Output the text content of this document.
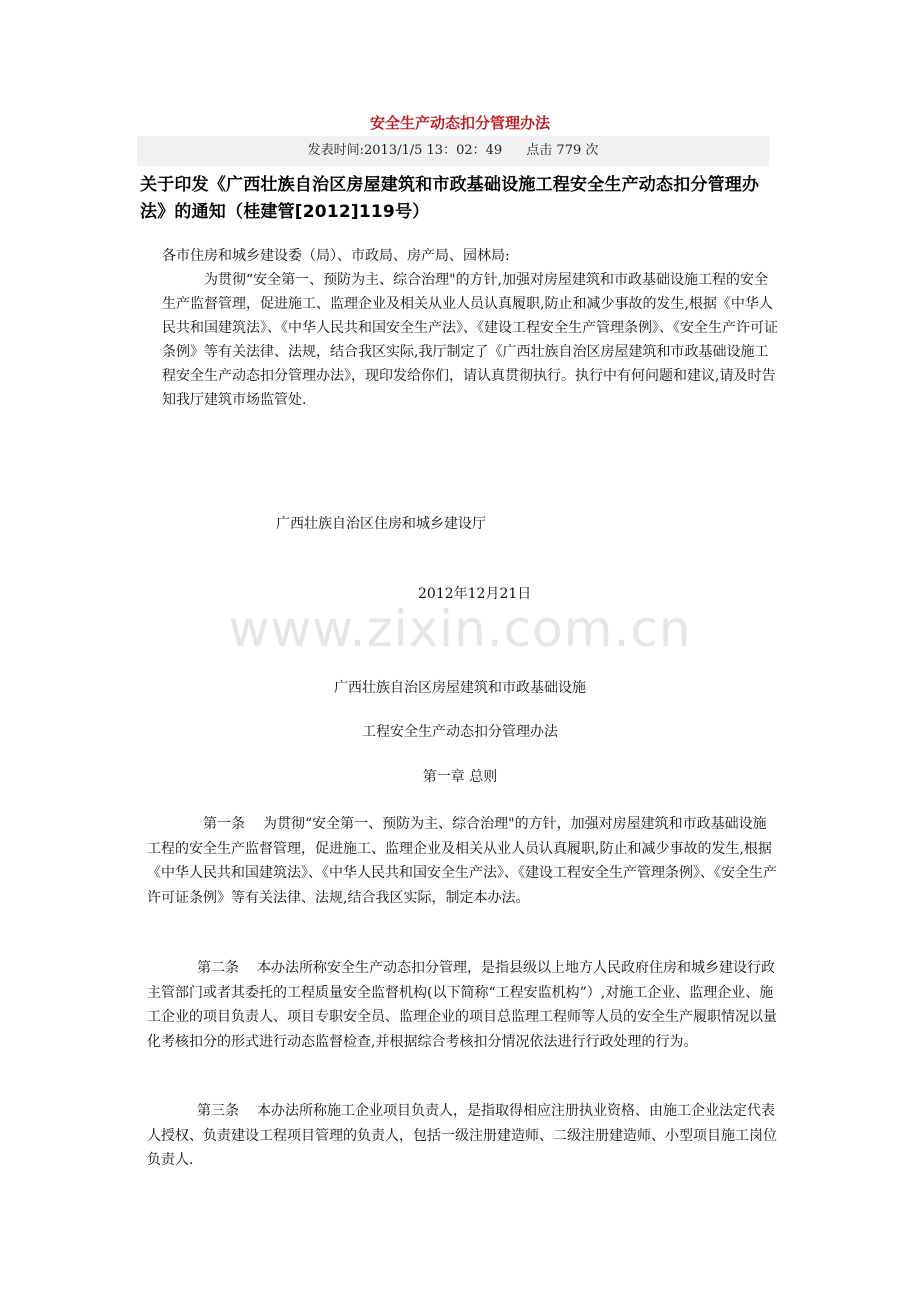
安全生产动态扣分管理办法
发表时间:2013/1/5 13：02：49 点击 779 次
关于印发《广西壮族自治区房屋建筑和市政基础设施工程安全生产动态扣分管理办法》的通知（桂建管[2012]119号）

各市住房和城乡建设委（局）、市政局、房产局、园林局:

为贯彻“安全第一、预防为主、综合治理"的方针,加强对房屋建筑和市政基础设施工程的安全生产监督管理，促进施工、监理企业及相关从业人员认真履职,防止和减少事故的发生,根据《中华人民共和国建筑法》、《中华人民共和国安全生产法》、《建设工程安全生产管理条例》、《安全生产许可证条例》等有关法律、法规，结合我区实际,我厅制定了《广西壮族自治区房屋建筑和市政基础设施工程安全生产动态扣分管理办法》，现印发给你们，请认真贯彻执行。执行中有何问题和建议,请及时告知我厅建筑市场监管处.

广西壮族自治区住房和城乡建设厅

2012年12月21日

www.zixin.com.cn

广西壮族自治区房屋建筑和市政基础设施

工程安全生产动态扣分管理办法

第一章 总则

第一条 为贯彻“安全第一、预防为主、综合治理"的方针，加强对房屋建筑和市政基础设施工程的安全生产监督管理，促进施工、监理企业及相关从业人员认真履职,防止和减少事故的发生,根据《中华人民共和国建筑法》、《中华人民共和国安全生产法》、《建设工程安全生产管理条例》、《安全生产许可证条例》等有关法律、法规,结合我区实际，制定本办法。

第二条 本办法所称安全生产动态扣分管理，是指县级以上地方人民政府住房和城乡建设行政主管部门或者其委托的工程质量安全监督机构(以下简称“工程安监机构”）,对施工企业、监理企业、施工企业的项目负责人、项目专职安全员、监理企业的项目总监理工程师等人员的安全生产履职情况以量化考核扣分的形式进行动态监督检查,并根据综合考核扣分情况依法进行行政处理的行为。

第三条 本办法所称施工企业项目负责人，是指取得相应注册执业资格、由施工企业法定代表人授权、负责建设工程项目管理的负责人，包括一级注册建造师、二级注册建造师、小型项目施工岗位负责人.
